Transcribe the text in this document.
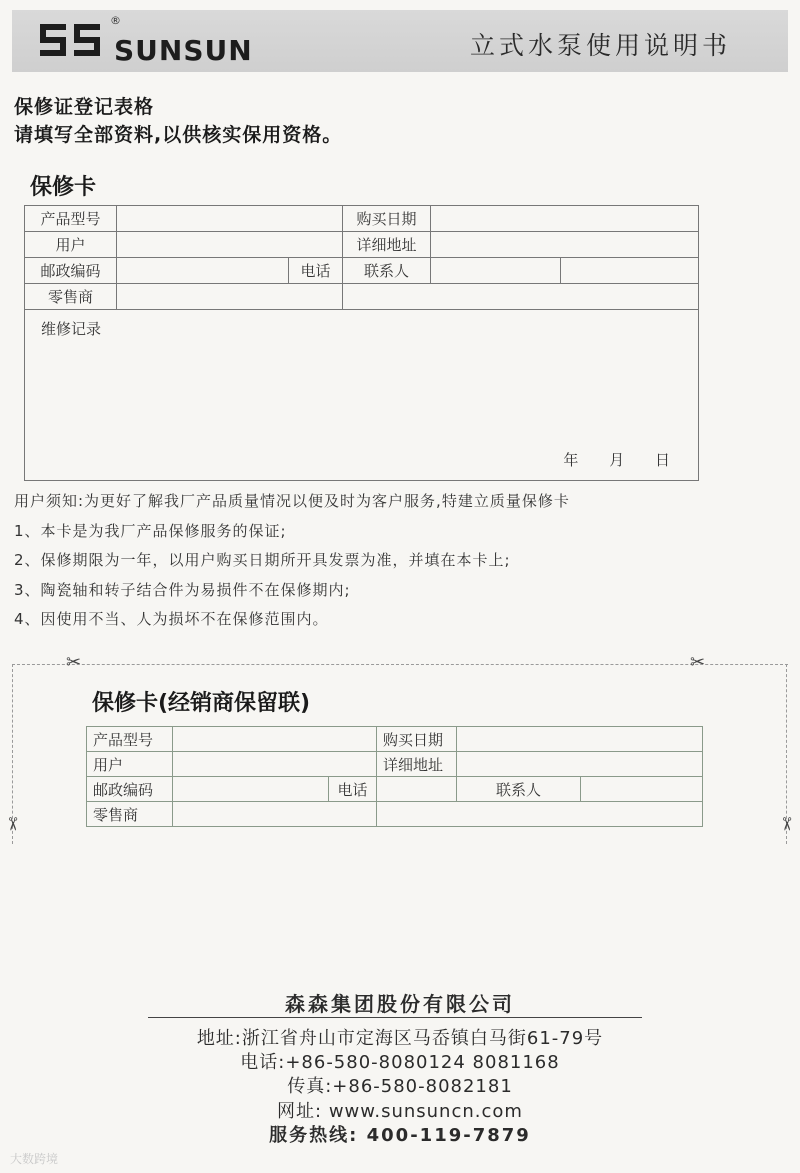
®
SUNSUN	立式水泵使用说明书
保修证登记表格
请填写全部资料,以供核实保用资格。
保修卡
产品型号			购买日期		
用户			详细地址		
邮政编码		电话	联系人		
零售商					
维修记录
年 月 日					
用户须知:为更好了解我厂产品质量情况以便及时为客户服务,特建立质量保修卡
1、本卡是为我厂产品保修服务的保证;
2、保修期限为一年，以用户购买日期所开具发票为准，并填在本卡上;
3、陶瓷轴和转子结合件为易损件不在保修期内;
4、因使用不当、人为损坏不在保修范围内。
✂	✂
✂	✂
保修卡(经销商保留联)
产品型号			购买日期		
用户			详细地址		
邮政编码		电话		联系人	
零售商					
森森集团股份有限公司
地址:浙江省舟山市定海区马岙镇白马街61-79号
电话:+86-580-8080124 8081168
传真:+86-580-8082181
网址: www.sunsuncn.com
服务热线: 400-119-7879
大数跨境
